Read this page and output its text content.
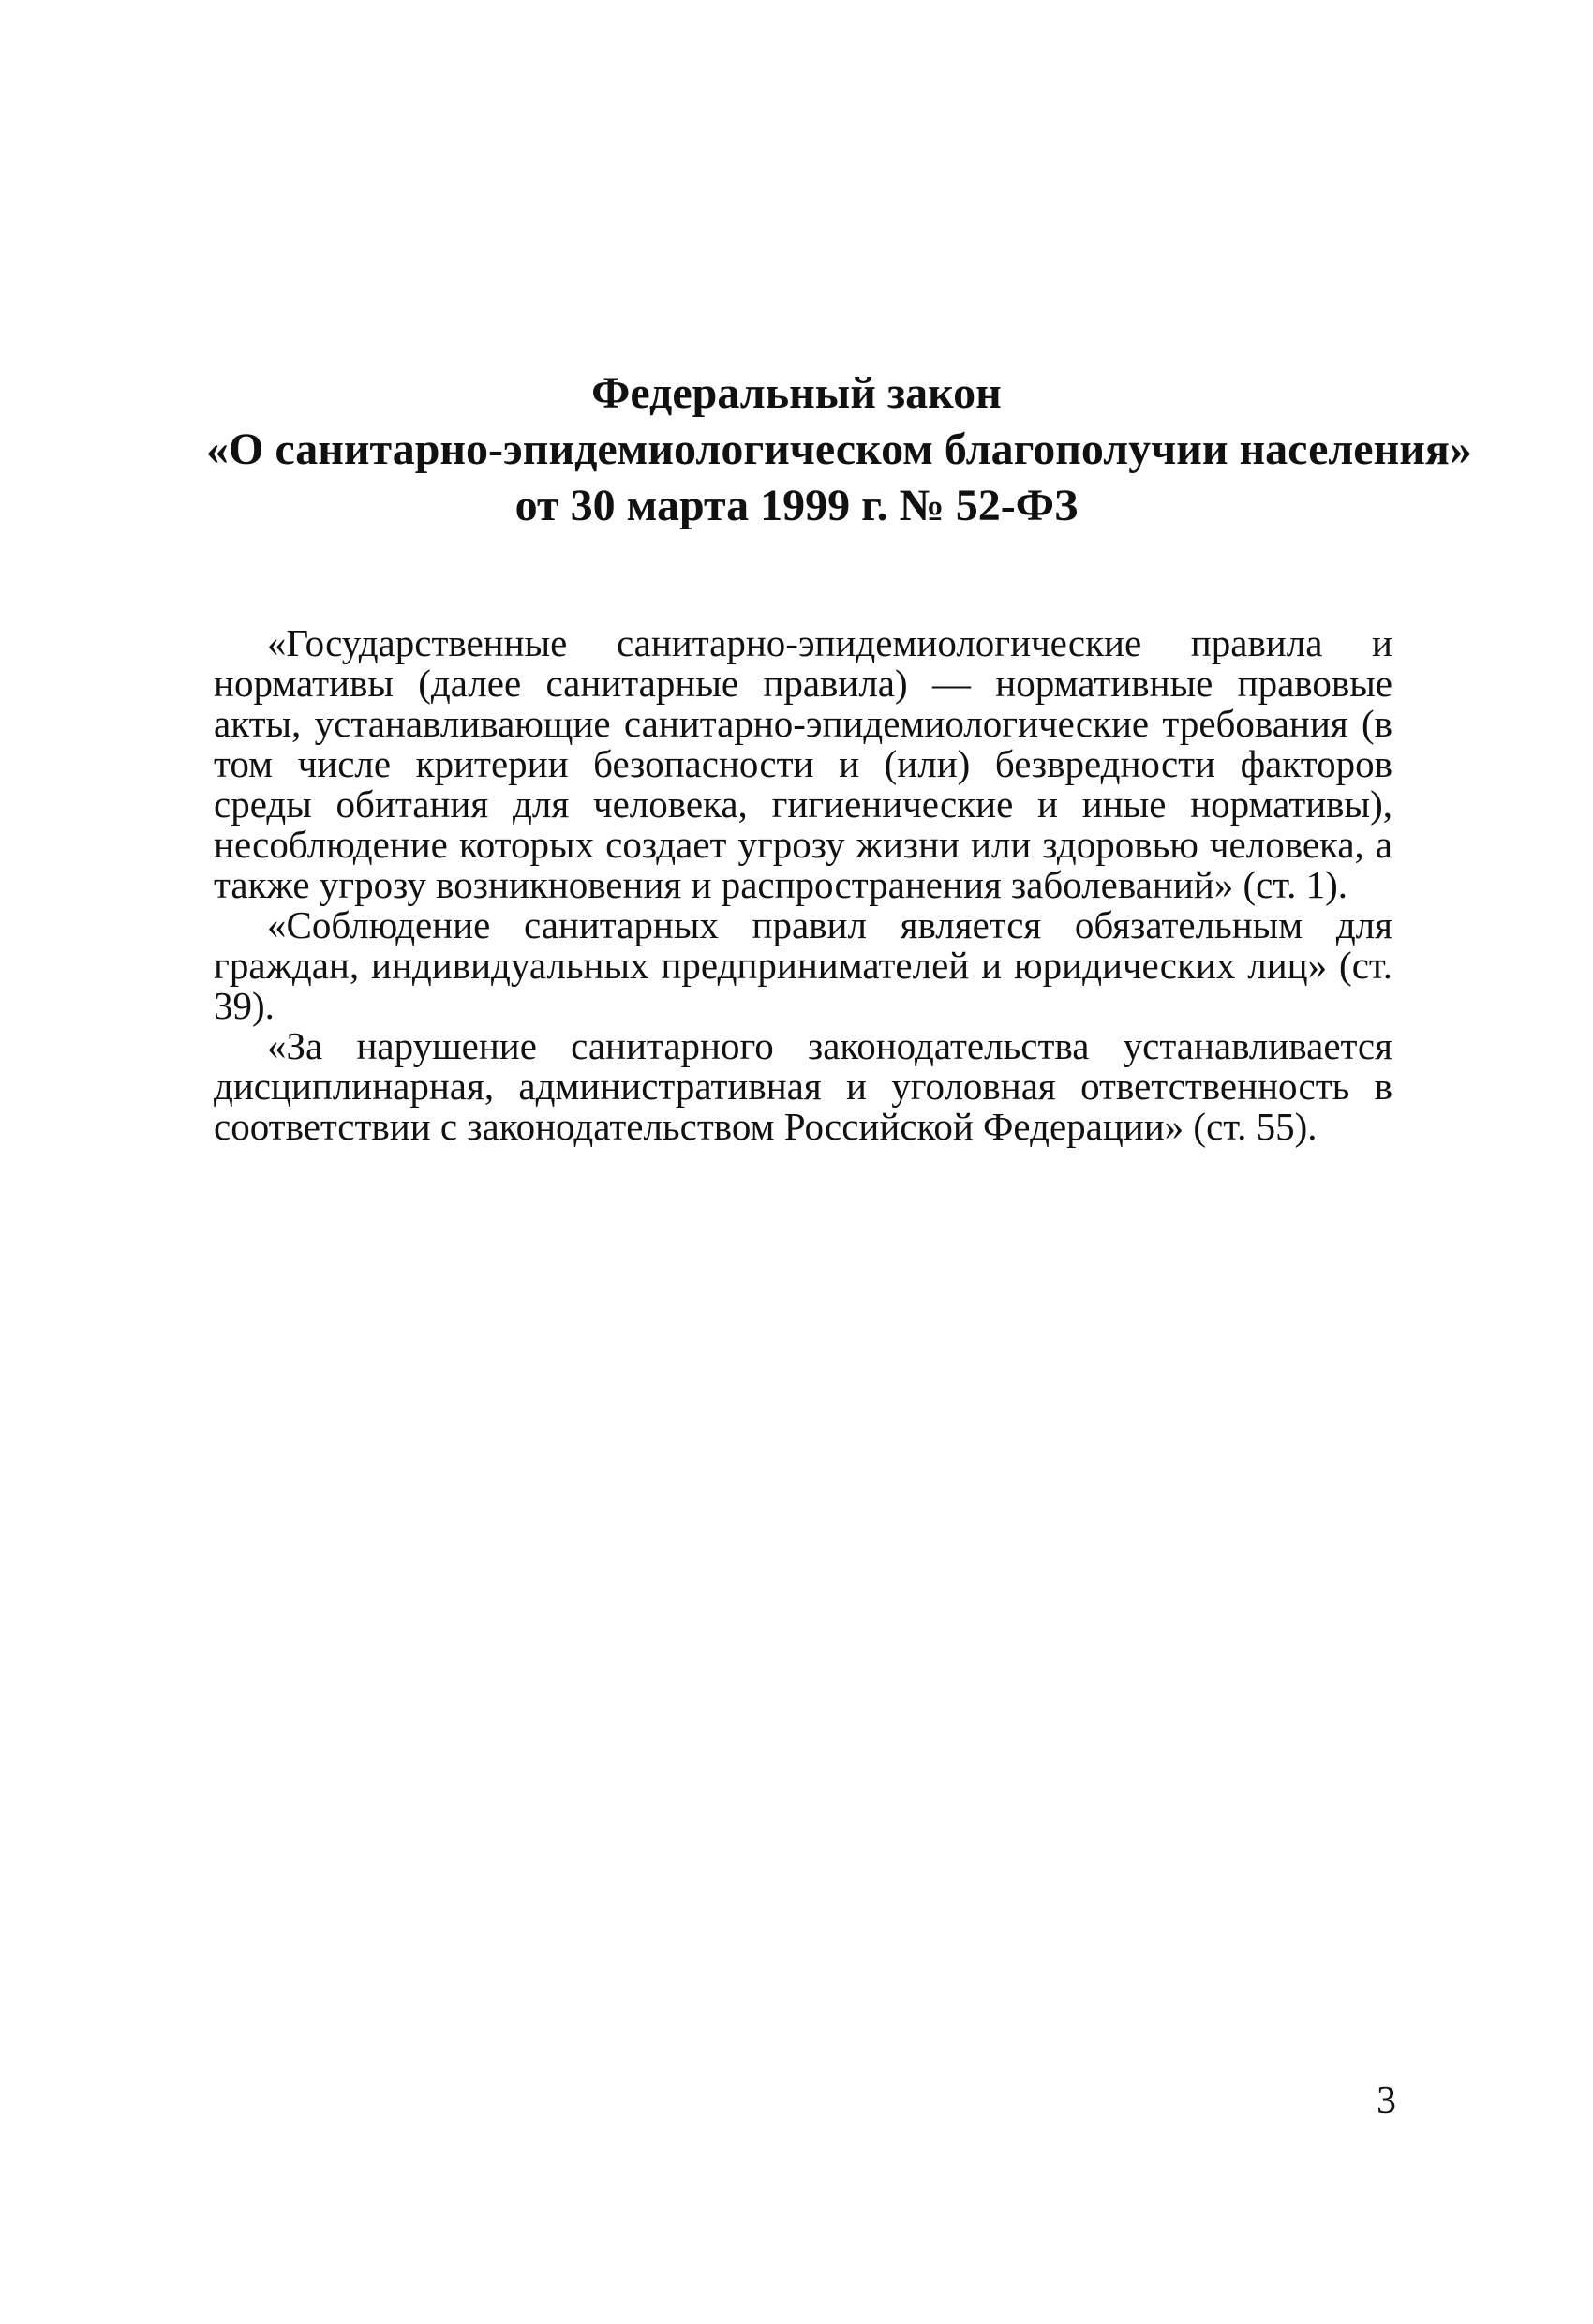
Федеральный закон
«О санитарно-эпидемиологическом благополучии населения»
от 30 марта 1999 г. № 52-ФЗ

«Государственные санитарно-эпидемиологические правила и нормативы (далее санитарные правила) — нормативные правовые акты, устанавливающие санитарно-эпидемиологические требования (в том числе критерии безопасности и (или) безвредности факторов среды обитания для человека, гигиенические и иные нормативы), несоблюдение которых создает угрозу жизни или здоровью человека, а также угрозу возникновения и распространения заболеваний» (ст. 1).

«Соблюдение санитарных правил является обязательным для граждан, индивидуальных предпринимателей и юридических лиц» (ст. 39).

«За нарушение санитарного законодательства устанавливается дисциплинарная, административная и уголовная ответственность в соответствии с законодательством Российской Федерации» (ст. 55).

3
